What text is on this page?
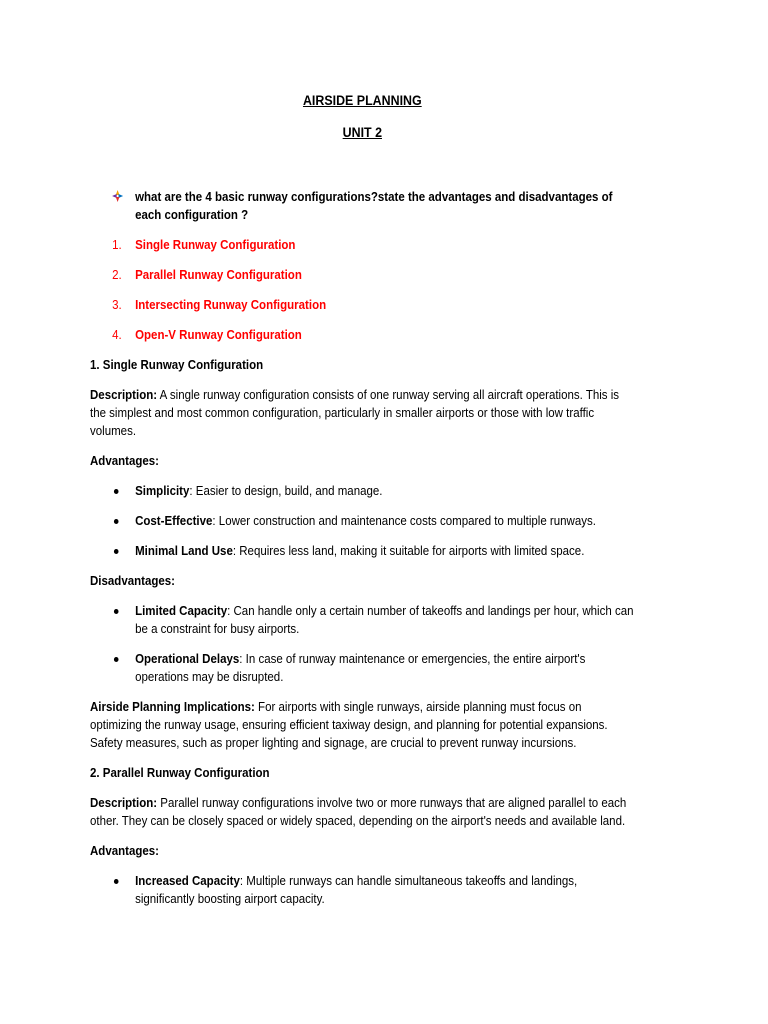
AIRSIDE PLANNING

UNIT 2

what are the 4 basic runway configurations?state the advantages and disadvantages of each configuration ?
1. Single Runway Configuration
2. Parallel Runway Configuration
3. Intersecting Runway Configuration
4. Open-V Runway Configuration
1. Single Runway Configuration
Description: A single runway configuration consists of one runway serving all aircraft operations. This is the simplest and most common configuration, particularly in smaller airports or those with low traffic volumes.
Advantages:
Simplicity: Easier to design, build, and manage.
Cost-Effective: Lower construction and maintenance costs compared to multiple runways.
Minimal Land Use: Requires less land, making it suitable for airports with limited space.
Disadvantages:
Limited Capacity: Can handle only a certain number of takeoffs and landings per hour, which can be a constraint for busy airports.
Operational Delays: In case of runway maintenance or emergencies, the entire airport's operations may be disrupted.
Airside Planning Implications: For airports with single runways, airside planning must focus on optimizing the runway usage, ensuring efficient taxiway design, and planning for potential expansions. Safety measures, such as proper lighting and signage, are crucial to prevent runway incursions.
2. Parallel Runway Configuration
Description: Parallel runway configurations involve two or more runways that are aligned parallel to each other. They can be closely spaced or widely spaced, depending on the airport's needs and available land.
Advantages:
Increased Capacity: Multiple runways can handle simultaneous takeoffs and landings, significantly boosting airport capacity.
